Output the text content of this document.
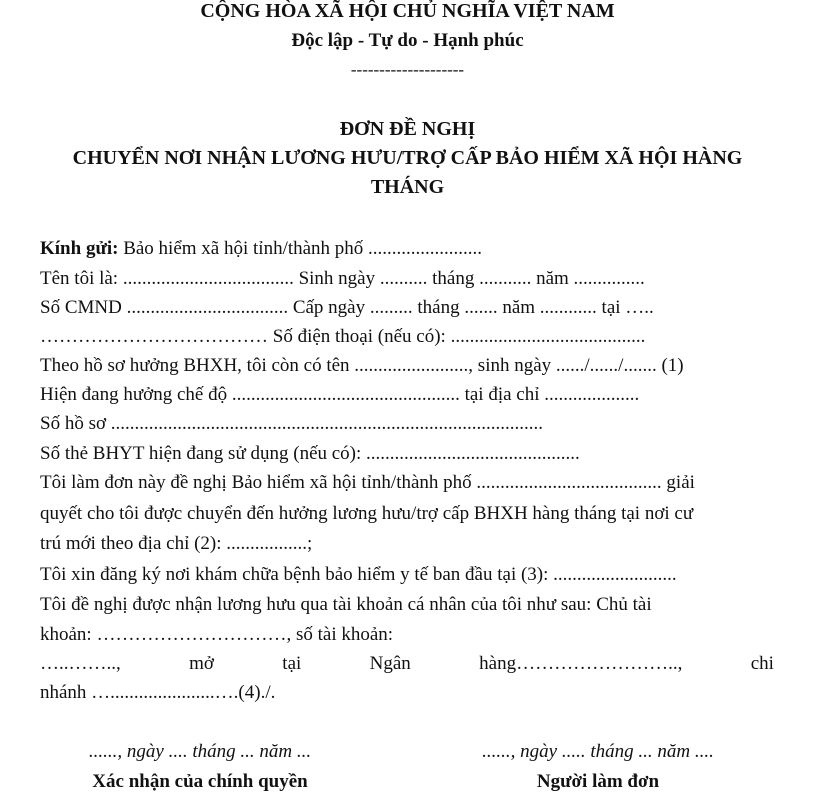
CỘNG HÒA XÃ HỘI CHỦ NGHĨA VIỆT NAM
Độc lập - Tự do - Hạnh phúc
--------------------
ĐƠN ĐỀ NGHỊ
CHUYỂN NƠI NHẬN LƯƠNG HƯU/TRỢ CẤP BẢO HIỂM XÃ HỘI HÀNG
THÁNG
Kính gửi: Bảo hiểm xã hội tỉnh/thành phố ........................
Tên tôi là: .................................... Sinh ngày .......... tháng ........... năm ...............
Số CMND .................................. Cấp ngày ......... tháng ....... năm ............ tại …..
……………………………… Số điện thoại (nếu có): .........................................
Theo hồ sơ hưởng BHXH, tôi còn có tên ........................, sinh ngày ....../....../....... (1)
Hiện đang hưởng chế độ ................................................ tại địa chỉ ....................
Số hồ sơ ...........................................................................................
Số thẻ BHYT hiện đang sử dụng (nếu có): .............................................
Tôi làm đơn này đề nghị Bảo hiểm xã hội tỉnh/thành phố ....................................... giải
quyết cho tôi được chuyển đến hưởng lương hưu/trợ cấp BHXH hàng tháng tại nơi cư
trú mới theo địa chỉ (2): .................;
Tôi xin đăng ký nơi khám chữa bệnh bảo hiểm y tế ban đầu tại (3): ..........................
Tôi đề nghị được nhận lương hưu qua tài khoản cá nhân của tôi như sau: Chủ tài
khoản: …………………………, số tài khoản:
…..……..,	mở	tại	Ngân	hàng……………………..,	chi
nhánh …......................….(4)./.
......, ngày .... tháng ... năm ...
Xác nhận của chính quyền
......, ngày ..... tháng ... năm ....
Người làm đơn
